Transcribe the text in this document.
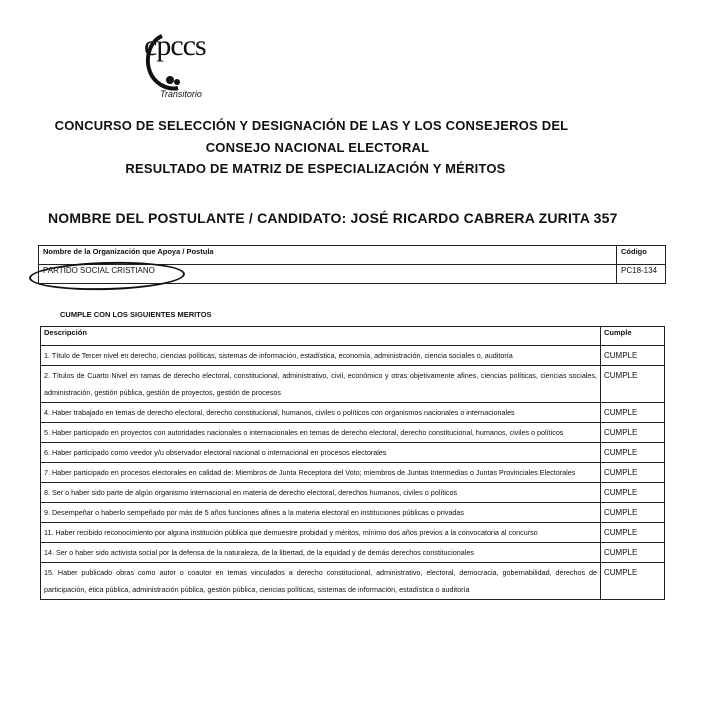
cpccs
Transitorio
CONCURSO DE SELECCIÓN Y DESIGNACIÓN DE LAS Y LOS CONSEJEROS DEL
CONSEJO NACIONAL ELECTORAL
RESULTADO DE MATRIZ DE ESPECIALIZACIÓN Y MÉRITOS
NOMBRE DEL POSTULANTE / CANDIDATO: JOSÉ RICARDO CABRERA ZURITA 357
Nombre de la Organización que Apoya / Postula	Código
PARTIDO SOCIAL CRISTIANO	PC18-134
CUMPLE CON LOS SIGUIENTES MERITOS
Descripción	Cumple
1. Título de Tercer nivel en derecho, ciencias políticas, sistemas de información, estadística, economía, administración, ciencia sociales o, auditoría	CUMPLE
2. Títulos de Cuarto Nivel en ramas de derecho electoral, constitucional, administrativo, civil, económico y otras objetivamente afines, ciencias políticas, ciencias sociales, administración, gestión pública, gestión de proyectos, gestión de procesos	CUMPLE
4. Haber trabajado en temas de derecho electoral, derecho constitucional, humanos, civiles o políticos con organismos nacionales o internacionales	CUMPLE
5. Haber participado en proyectos con autoridades nacionales o internacionales en temas de derecho electoral, derecho constitucional, humanos, civiles o políticos	CUMPLE
6. Haber participado como veedor y/u observador electoral nacional o internacional en procesos electorales	CUMPLE
7. Haber participado en procesos electorales en calidad de: Miembros de Junta Receptora del Voto; miembros de Juntas Intermedias o Juntas Provinciales Electorales	CUMPLE
8. Ser o haber sido parte de algún organismo internacional en materia de derecho electoral, derechos humanos, civiles o políticos	CUMPLE
9. Desempeñar o haberlo sempeñado por más de 5 años funciones afines a la materia electoral en instituciones públicas o privadas	CUMPLE
11. Haber recibido reconocimiento por alguna institución pública que demuestre probidad y méritos, mínimo dos años previos a la convocatoria al concurso	CUMPLE
14. Ser o haber sido activista social por la defensa de la naturaleza, de la libertad, de la equidad y de demás derechos constitucionales	CUMPLE
15. Haber publicado obras como autor o coautor en temas vinculados a derecho constitucional, administrativo, electoral, democracia, gobernabilidad, derechos de participación, ética pública, administración pública, gestión pública, ciencias políticas, sistemas de información, estadística o auditoría	CUMPLE
